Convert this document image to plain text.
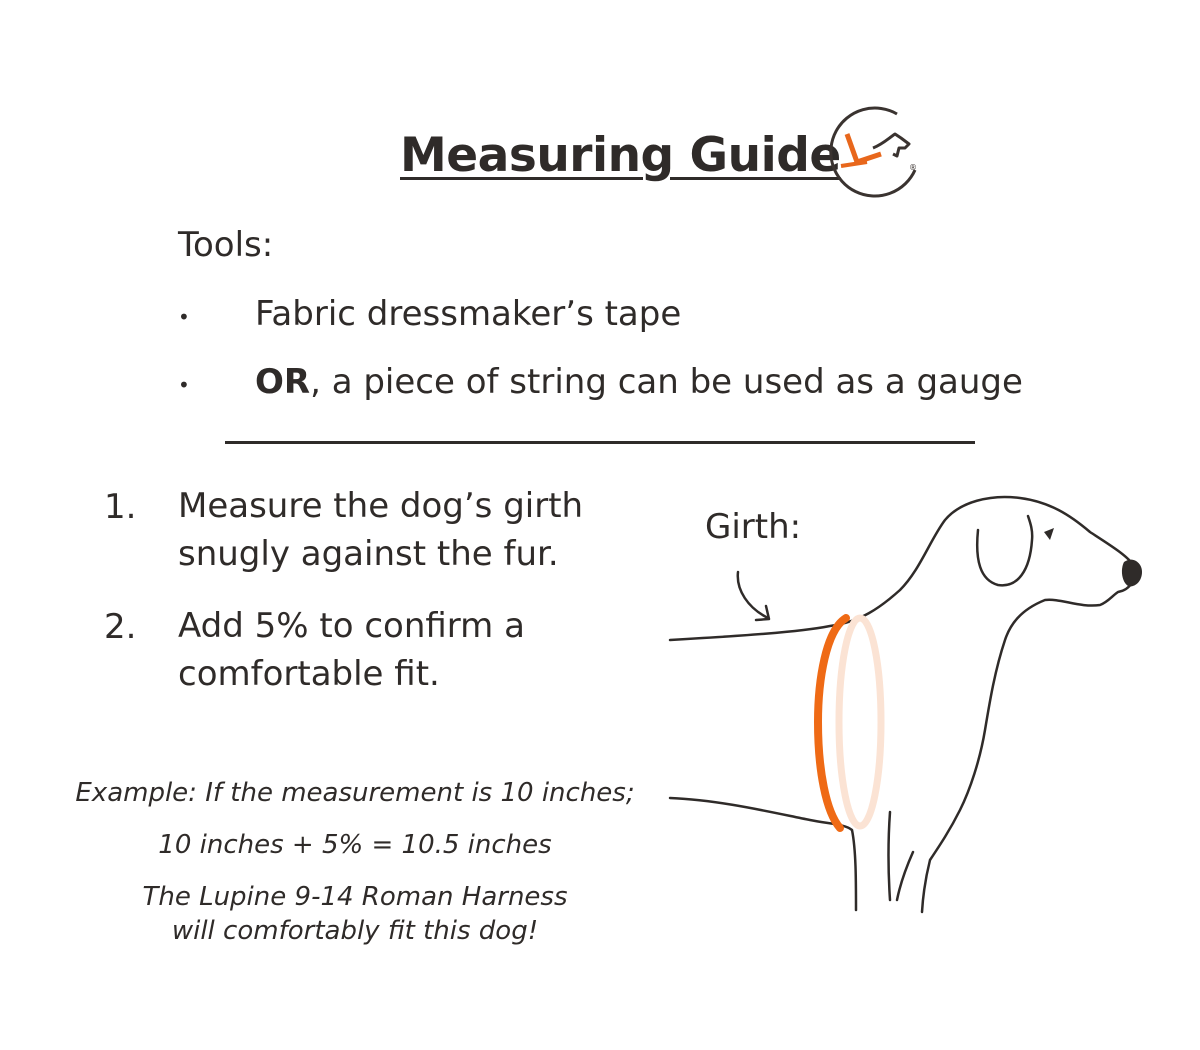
Measuring Guide	®
Tools:
• Fabric dressmaker’s tape
• OR, a piece of string can be used as a gauge
1. Measure the dog’s girth
snugly against the fur.
2. Add 5% to confirm a
comfortable fit.
Example: If the measurement is 10 inches;
10 inches + 5% = 10.5 inches
The Lupine 9-14 Roman Harness
will comfortably fit this dog!
Girth:
